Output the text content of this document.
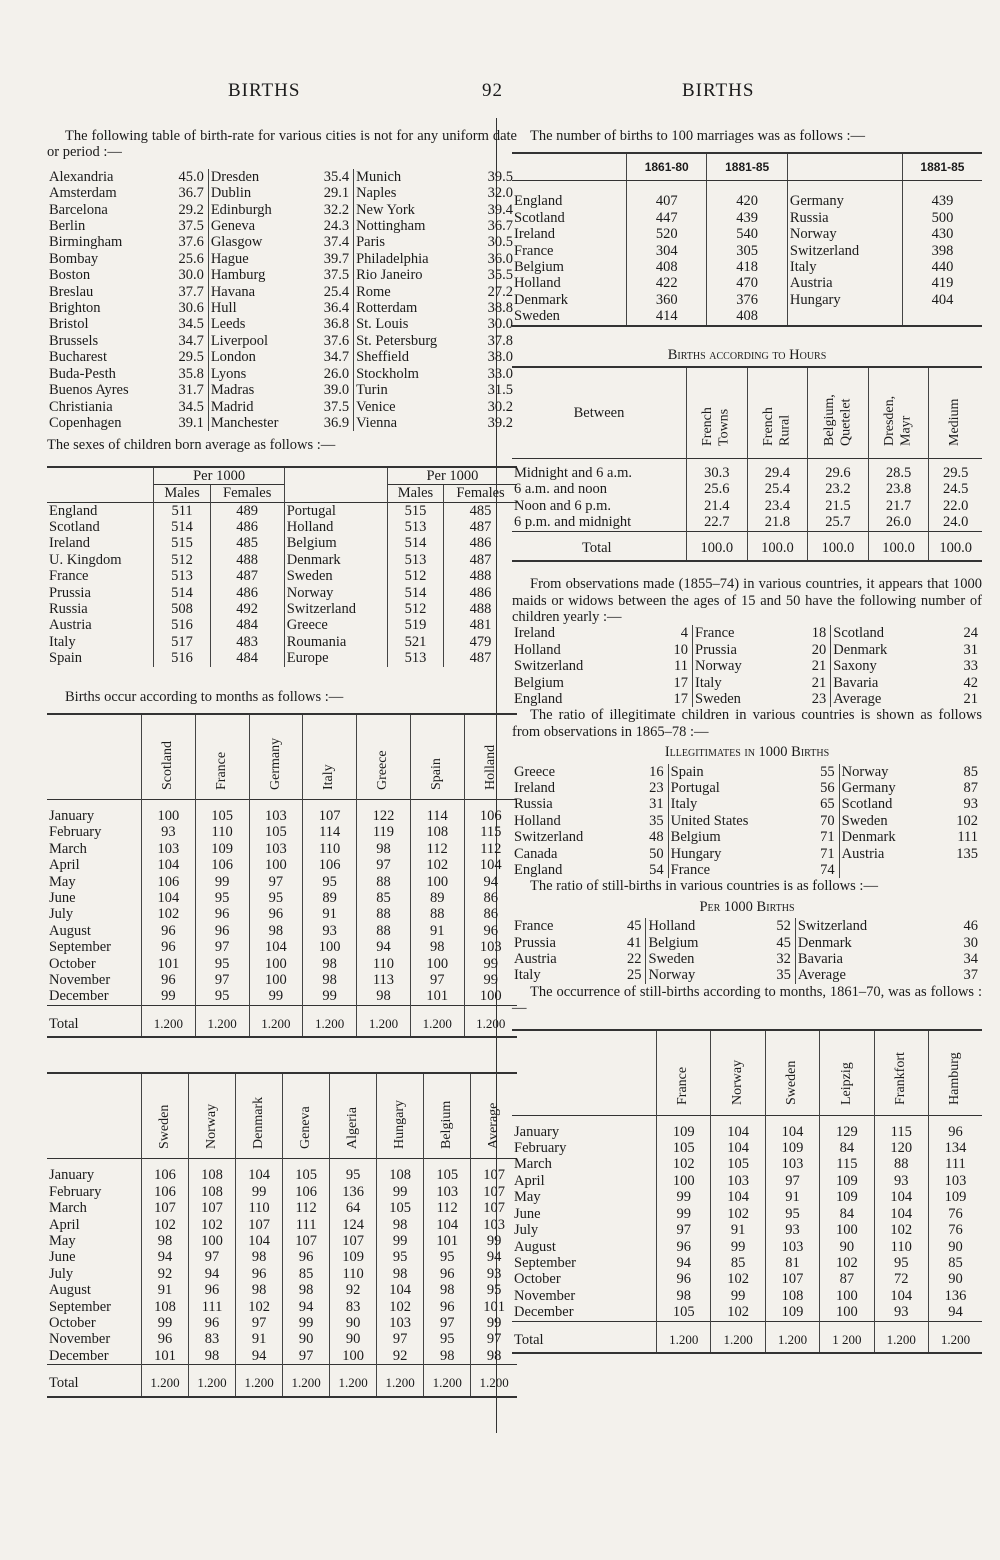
BIRTHS	92	BIRTHS

The following table of birth-rate for various cities is not for any uniform date or period :—

Alexandria	45.0	Dresden	35.4	Munich	39.5
Amsterdam	36.7	Dublin	29.1	Naples	32.0
Barcelona	29.2	Edinburgh	32.2	New York	39.4
Berlin	37.5	Geneva	24.3	Nottingham	36.7
Birmingham	37.6	Glasgow	37.4	Paris	30.5
Bombay	25.6	Hague	39.7	Philadelphia	36.0
Boston	30.0	Hamburg	37.5	Rio Janeiro	35.5
Breslau	37.7	Havana	25.4	Rome	27.2
Brighton	30.6	Hull	36.4	Rotterdam	38.8
Bristol	34.5	Leeds	36.8	St. Louis	30.0
Brussels	34.7	Liverpool	37.6	St. Petersburg	37.8
Bucharest	29.5	London	34.7	Sheffield	38.0
Buda-Pesth	35.8	Lyons	26.0	Stockholm	33.0
Buenos Ayres	31.7	Madras	39.0	Turin	31.5
Christiania	34.5	Madrid	37.5	Venice	30.2
Copenhagen	39.1	Manchester	36.9	Vienna	39.2

The sexes of children born average as follows :—

	Per 1000			Per 1000	
	Males	Females		Males	Females
England	511	489	Portugal	515	485
Scotland	514	486	Holland	513	487
Ireland	515	485	Belgium	514	486
U. Kingdom	512	488	Denmark	513	487
France	513	487	Sweden	512	488
Prussia	514	486	Norway	514	486
Russia	508	492	Switzerland	512	488
Austria	516	484	Greece	519	481
Italy	517	483	Roumania	521	479
Spain	516	484	Europe	513	487

Births occur according to months as follows :—

	Scotland	France	Germany	Italy	Greece	Spain	Holland
January	100	105	103	107	122	114	106
February	93	110	105	114	119	108	115
March	103	109	103	110	98	112	112
April	104	106	100	106	97	102	104
May	106	99	97	95	88	100	94
June	104	95	95	89	85	89	86
July	102	96	96	91	88	88	86
August	96	96	98	93	88	91	96
September	96	97	104	100	94	98	103
October	101	95	100	98	110	100	99
November	96	97	100	98	113	97	99
December	99	95	99	99	98	101	100
Total	1.200	1.200	1.200	1.200	1.200	1.200	1.200

	Sweden	Norway	Denmark	Geneva	Algeria	Hungary	Belgium	Average
January	106	108	104	105	95	108	105	107
February	106	108	99	106	136	99	103	107
March	107	107	110	112	64	105	112	107
April	102	102	107	111	124	98	104	103
May	98	100	104	107	107	99	101	99
June	94	97	98	96	109	95	95	94
July	92	94	96	85	110	98	96	93
August	91	96	98	98	92	104	98	95
September	108	111	102	94	83	102	96	101
October	99	96	97	99	90	103	97	99
November	96	83	91	90	90	97	95	97
December	101	98	94	97	100	92	98	98
Total	1.200	1.200	1.200	1.200	1.200	1.200	1.200	1.200

The number of births to 100 marriages was as follows :—

	1861-80	1881-85		1881-85
England	407	420	Germany	439
Scotland	447	439	Russia	500
Ireland	520	540	Norway	430
France	304	305	Switzerland	398
Belgium	408	418	Italy	440
Holland	422	470	Austria	419
Denmark	360	376	Hungary	404
Sweden	414	408		

Births according to Hours
Between	French Towns	French Rural	Belgium, Quetelet	Dresden, Mayr	Medium
Midnight and 6 a.m.	30.3	29.4	29.6	28.5	29.5
6 a.m. and noon	25.6	25.4	23.2	23.8	24.5
Noon and 6 p.m.	21.4	23.4	21.5	21.7	22.0
6 p.m. and midnight	22.7	21.8	25.7	26.0	24.0
Total	100.0	100.0	100.0	100.0	100.0

From observations made (1855–74) in various countries, it appears that 1000 maids or widows between the ages of 15 and 50 have the following number of children yearly :—

Ireland	4	France	18	Scotland	24
Holland	10	Prussia	20	Denmark	31
Switzerland	11	Norway	21	Saxony	33
Belgium	17	Italy	21	Bavaria	42
England	17	Sweden	23	Average	21

The ratio of illegitimate children in various countries is shown as follows from observations in 1865–78 :—

Illegitimates in 1000 Births
Greece	16	Spain	55	Norway	85
Ireland	23	Portugal	56	Germany	87
Russia	31	Italy	65	Scotland	93
Holland	35	United States	70	Sweden	102
Switzerland	48	Belgium	71	Denmark	111
Canada	50	Hungary	71	Austria	135
England	54	France	74		

The ratio of still-births in various countries is as follows :—

Per 1000 Births
France	45	Holland	52	Switzerland	46
Prussia	41	Belgium	45	Denmark	30
Austria	22	Sweden	32	Bavaria	34
Italy	25	Norway	35	Average	37

The occurrence of still-births according to months, 1861–70, was as follows :—

	France	Norway	Sweden	Leipzig	Frankfort	Hamburg
January	109	104	104	129	115	96
February	105	104	109	84	120	134
March	102	105	103	115	88	111
April	100	103	97	109	93	103
May	99	104	91	109	104	109
June	99	102	95	84	104	76
July	97	91	93	100	102	76
August	96	99	103	90	110	90
September	94	85	81	102	95	85
October	96	102	107	87	72	90
November	98	99	108	100	104	136
December	105	102	109	100	93	94
Total	1.200	1.200	1.200	1 200	1.200	1.200
